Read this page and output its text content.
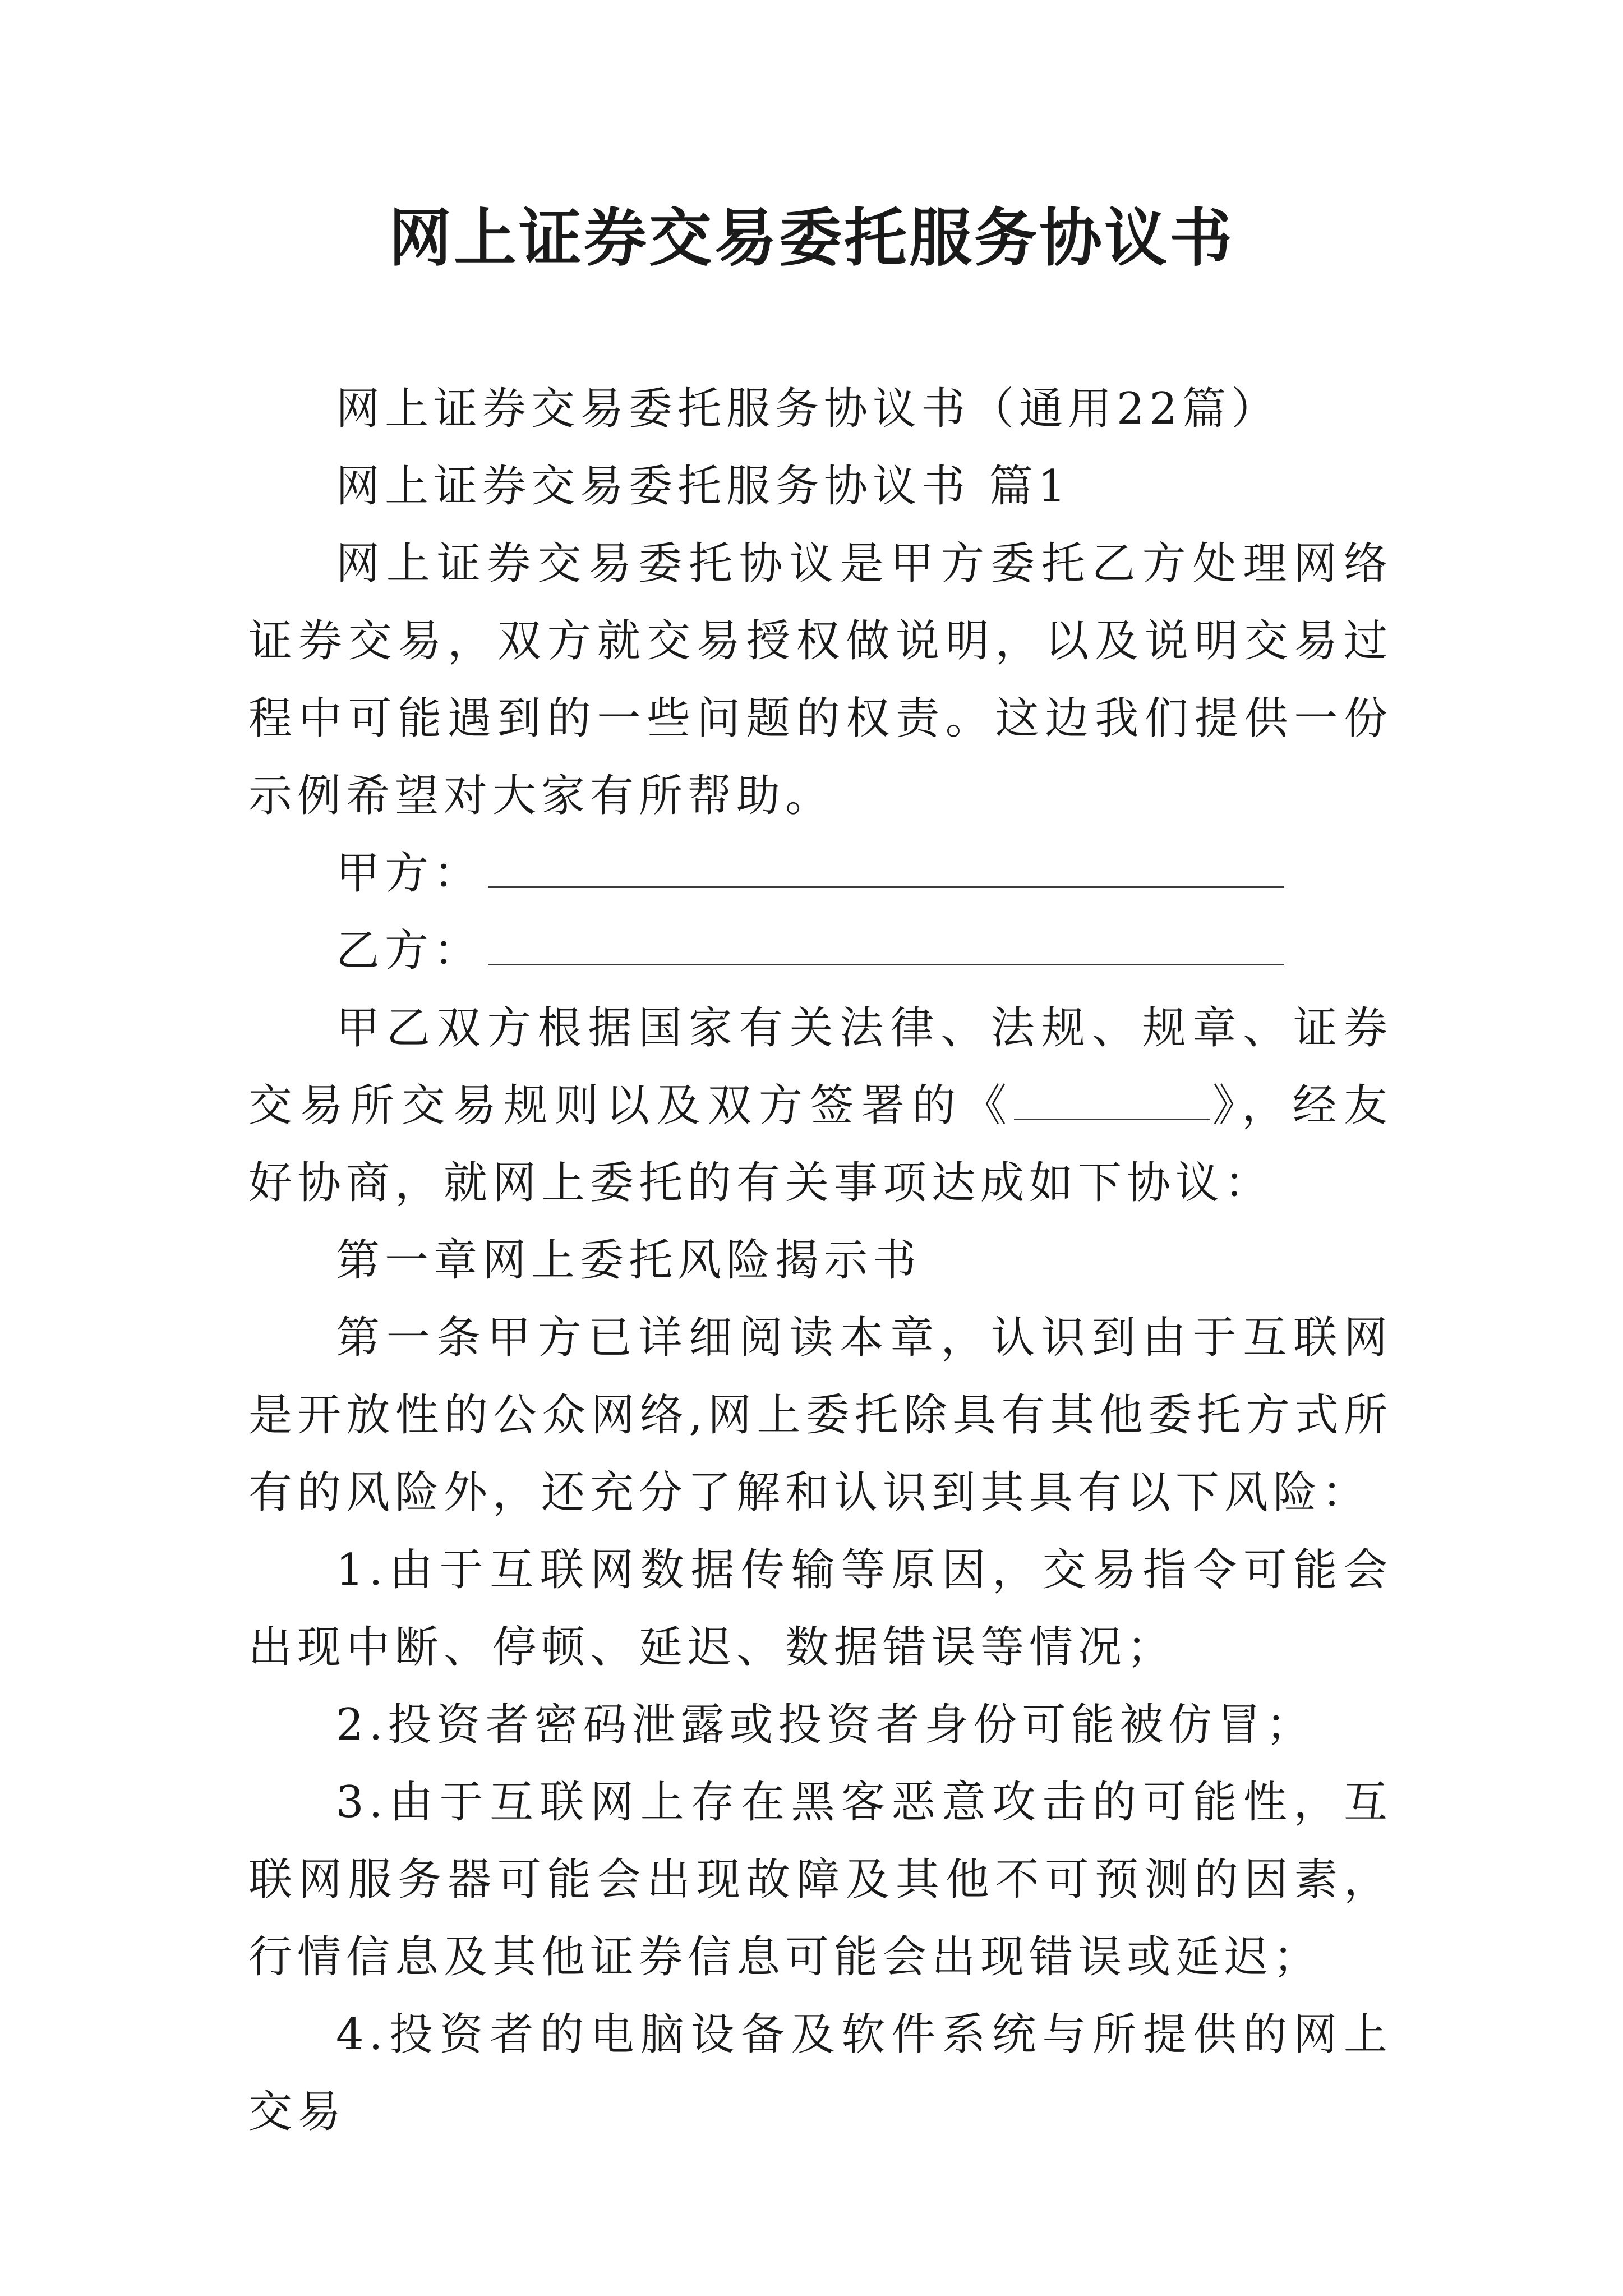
网上证券交易委托服务协议书

网上证券交易委托服务协议书（通用22篇）

网上证券交易委托服务协议书 篇1

网上证券交易委托协议是甲方委托乙方处理网络证券交易，双方就交易授权做说明，以及说明交易过程中可能遇到的一些问题的权责。这边我们提供一份示例希望对大家有所帮助。

甲方：

乙方：

甲乙双方根据国家有关法律、法规、规章、证券交易所交易规则以及双方签署的《	》，经友好协商，就网上委托的有关事项达成如下协议：

第一章网上委托风险揭示书

第一条甲方已详细阅读本章，认识到由于互联网是开放性的公众网络,网上委托除具有其他委托方式所有的风险外，还充分了解和认识到其具有以下风险：

1.由于互联网数据传输等原因，交易指令可能会出现中断、停顿、延迟、数据错误等情况；

2.投资者密码泄露或投资者身份可能被仿冒；

3.由于互联网上存在黑客恶意攻击的可能性，互联网服务器可能会出现故障及其他不可预测的因素，行情信息及其他证券信息可能会出现错误或延迟；

4.投资者的电脑设备及软件系统与所提供的网上交易
